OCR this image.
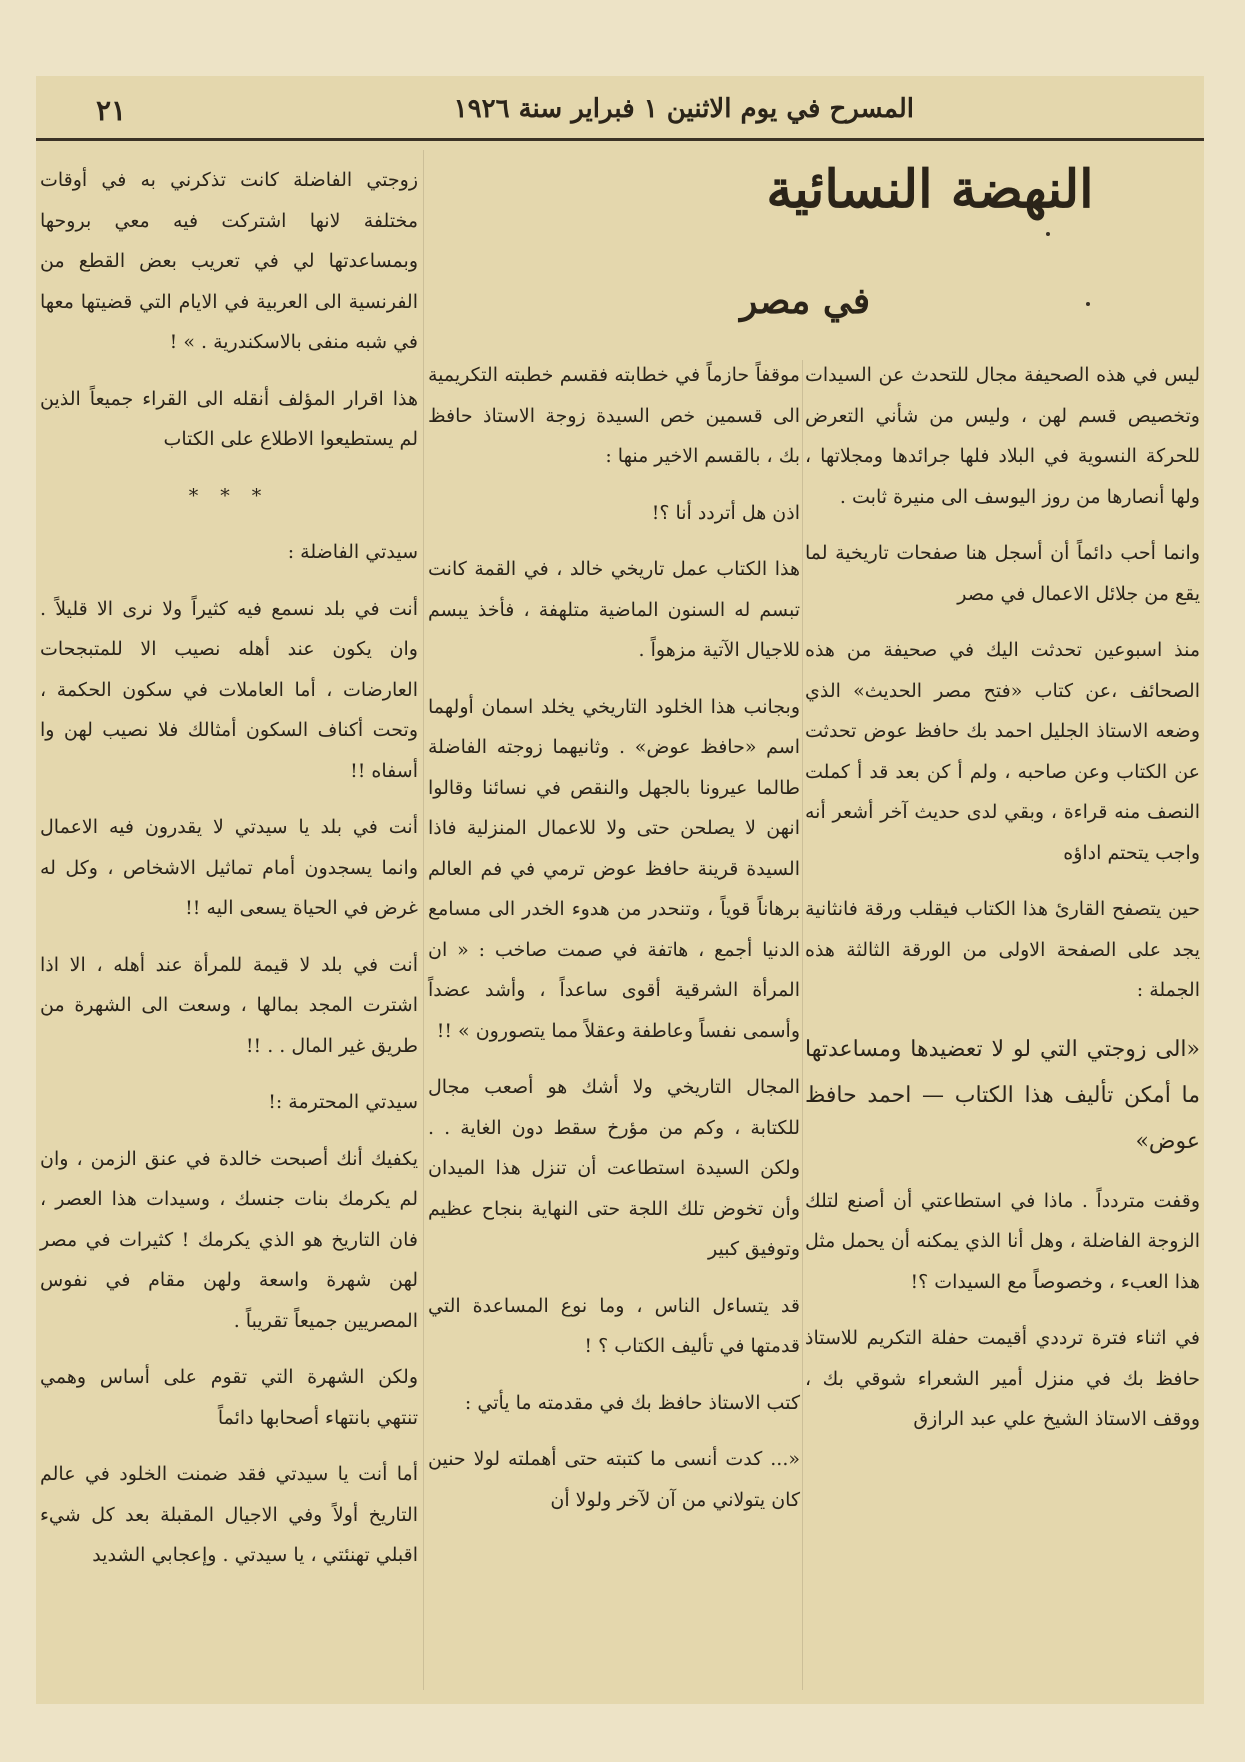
٢١	المسرح في يوم الاثنين ١ فبراير سنة ١٩٢٦
النهضة النسائية
في مصر

ليس في هذه الصحيفة مجال للتحدث عن السيدات وتخصيص قسم لهن ، وليس من شأني التعرض للحركة النسوية في البلاد فلها جرائدها ومجلاتها ، ولها أنصارها من روز اليوسف الى منيرة ثابت .

وانما أحب دائماً أن أسجل هنا صفحات تاريخية لما يقع من جلائل الاعمال في مصر

منذ اسبوعين تحدثت اليك في صحيفة من هذه الصحائف ،عن كتاب «فتح مصر الحديث» الذي وضعه الاستاذ الجليل احمد بك حافظ عوض تحدثت عن الكتاب وعن صاحبه ، ولم أ كن بعد قد أ كملت النصف منه قراءة ، وبقي لدى حديث آخر أشعر أنه واجب يتحتم اداؤه

حين يتصفح القارئ هذا الكتاب فيقلب ورقة فانثانية يجد على الصفحة الاولى من الورقة الثالثة هذه الجملة :

«الى زوجتي التي لو لا تعضيدها ومساعدتها ما أمكن تأليف هذا الكتاب — احمد حافظ عوض»

وقفت متردداً . ماذا في استطاعتي أن أصنع لتلك الزوجة الفاضلة ، وهل أنا الذي يمكنه أن يحمل مثل هذا العبء ، وخصوصاً مع السيدات ؟!

في اثناء فترة ترددي أقيمت حفلة التكريم للاستاذ حافظ بك في منزل أمير الشعراء شوقي بك ، ووقف الاستاذ الشيخ علي عبد الرازق

موقفاً حازماً في خطابته فقسم خطبته التكريمية الى قسمين خص السيدة زوجة الاستاذ حافظ بك ، بالقسم الاخير منها :

اذن هل أتردد أنا ؟!

هذا الكتاب عمل تاريخي خالد ، في القمة كانت تبسم له السنون الماضية متلهفة ، فأخذ يبسم للاجيال الآتية مزهواً .

وبجانب هذا الخلود التاريخي يخلد اسمان أولهما اسم «حافظ عوض» . وثانيهما زوجته الفاضلة طالما عيرونا بالجهل والنقص في نسائنا وقالوا انهن لا يصلحن حتى ولا للاعمال المنزلية فاذا السيدة قرينة حافظ عوض ترمي في فم العالم برهاناً قوياً ، وتنحدر من هدوء الخدر الى مسامع الدنيا أجمع ، هاتفة في صمت صاخب : « ان المرأة الشرقية أقوى ساعداً ، وأشد عضداً وأسمى نفساً وعاطفة وعقلاً مما يتصورون » !!

المجال التاريخي ولا أشك هو أصعب مجال للكتابة ، وكم من مؤرخ سقط دون الغاية . . ولكن السيدة استطاعت أن تنزل هذا الميدان وأن تخوض تلك اللجة حتى النهاية بنجاح عظيم وتوفيق كبير

قد يتساءل الناس ، وما نوع المساعدة التي قدمتها في تأليف الكتاب ؟ !

كتب الاستاذ حافظ بك في مقدمته ما يأتي :

«... كدت أنسى ما كتبته حتى أهملته لولا حنين كان يتولاني من آن لآخر ولولا أن

زوجتي الفاضلة كانت تذكرني به في أوقات مختلفة لانها اشتركت فيه معي بروحها وبمساعدتها لي في تعريب بعض القطع من الفرنسية الى العربية في الايام التي قضيتها معها في شبه منفى بالاسكندرية . » !

هذا اقرار المؤلف أنقله الى القراء جميعاً الذين لم يستطيعوا الاطلاع على الكتاب

* * *

سيدتي الفاضلة :

أنت في بلد نسمع فيه كثيراً ولا نرى الا قليلاً . وان يكون عند أهله نصيب الا للمتبجحات العارضات ، أما العاملات في سكون الحكمة ، وتحت أكناف السكون أمثالك فلا نصيب لهن وا أسفاه !!

أنت في بلد يا سيدتي لا يقدرون فيه الاعمال وانما يسجدون أمام تماثيل الاشخاص ، وكل له غرض في الحياة يسعى اليه !!

أنت في بلد لا قيمة للمرأة عند أهله ، الا اذا اشترت المجد بمالها ، وسعت الى الشهرة من طريق غير المال . . !!

سيدتي المحترمة :!

يكفيك أنك أصبحت خالدة في عنق الزمن ، وان لم يكرمك بنات جنسك ، وسيدات هذا العصر ، فان التاريخ هو الذي يكرمك ! كثيرات في مصر لهن شهرة واسعة ولهن مقام في نفوس المصريين جميعاً تقريباً .

ولكن الشهرة التي تقوم على أساس وهمي تنتهي بانتهاء أصحابها دائماً

أما أنت يا سيدتي فقد ضمنت الخلود في عالم التاريخ أولاً وفي الاجيال المقبلة بعد كل شيء اقبلي تهنئتي ، يا سيدتي . وإعجابي الشديد
